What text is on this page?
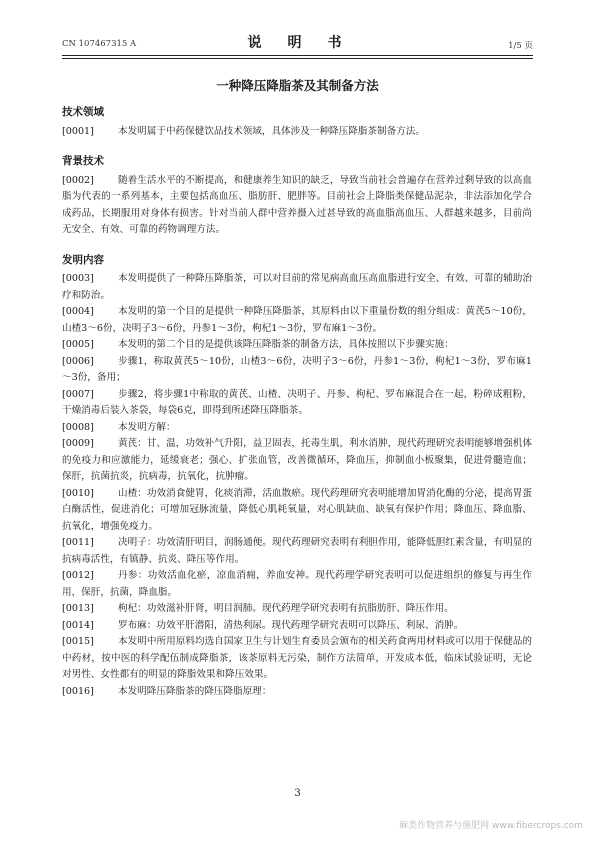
CN 107467315 A	说　明　书	1/5 页
一种降压降脂茶及其制备方法
技术领域
[0001]	本发明属于中药保健饮品技术领域，具体涉及一种降压降脂茶制备方法。

背景技术
[0002]	随着生活水平的不断提高，和健康养生知识的缺乏，导致当前社会普遍存在营养过剩导致的以高血脂为代表的一系列基本，主要包括高血压、脂肪肝、肥胖等。目前社会上降脂类保健品泥杂，非法添加化学合成药品，长期服用对身体有损害。针对当前人群中营养摄入过甚导致的高血脂高血压、人群越来越多，目前尚无安全、有效、可靠的药物调理方法。

发明内容
[0003]	本发明提供了一种降压降脂茶，可以对目前的常见病高血压高血脂进行安全、有效、可靠的辅助治疗和防治。

[0004]	本发明的第一个目的是提供一种降压降脂茶，其原料由以下重量份数的组分组成：黄芪5～10份，山楂3～6份，决明子3～6份，丹参1～3份，枸杞1～3份，罗布麻1～3份。

[0005]	本发明的第二个目的是提供该降压降脂茶的制备方法，具体按照以下步骤实施：

[0006]	步骤1，称取黄芪5～10份，山楂3～6份，决明子3～6份，丹参1～3份，枸杞1～3份，罗布麻1～3份，备用；

[0007]	步骤2，将步骤1中称取的黄芪、山楂、决明子、丹参、枸杞、罗布麻混合在一起，粉碎成粗粉，干燥消毒后装入茶袋，每袋6克，即得到所述降压降脂茶。

[0008]	本发明方解：

[0009]	黄芪：甘、温，功效补气升阳，益卫固表，托毒生肌，利水消肿，现代药理研究表明能够增强机体的免疫力和应激能力，延缓衰老；强心、扩张血管，改善微循环，降血压，抑制血小板聚集，促进骨髓造血；保肝，抗菌抗炎，抗病毒，抗氧化，抗肿瘤。

[0010]	山楂：功效消食健胃，化痰消滞，活血散瘀。现代药理研究表明能增加胃消化酶的分泌，提高胃蛋白酶活性，促进消化；可增加冠脉流量，降低心肌耗氧量，对心肌缺血、缺氧有保护作用；降血压、降血脂、抗氧化，增强免疫力。

[0011]	决明子：功效清肝明目，润肠通便。现代药理研究表明有利胆作用，能降低胆红素含量，有明显的抗病毒活性，有镇静、抗炎、降压等作用。

[0012]	丹参：功效活血化瘀，凉血消痈，养血安神。现代药理学研究表明可以促进组织的修复与再生作用，保肝，抗菌，降血脂。

[0013]	枸杞：功效滋补肝肾，明目润肺。现代药理学研究表明有抗脂肪肝、降压作用。

[0014]	罗布麻：功效平肝潜阳，清热利尿。现代药理学研究表明可以降压、利尿、消肿。

[0015]	本发明中所用原料均选自国家卫生与计划生育委员会颁布的相关药食两用材料或可以用于保健品的中药材，按中医的科学配伍制成降脂茶，该茶原料无污染，制作方法简单，开发成本低，临床试验证明，无论对男性、女性都有的明显的降脂效果和降压效果。

[0016]	本发明降压降脂茶的降压降脂原理：

3
麻类作物营养与施肥网 www.fibercrops.com
